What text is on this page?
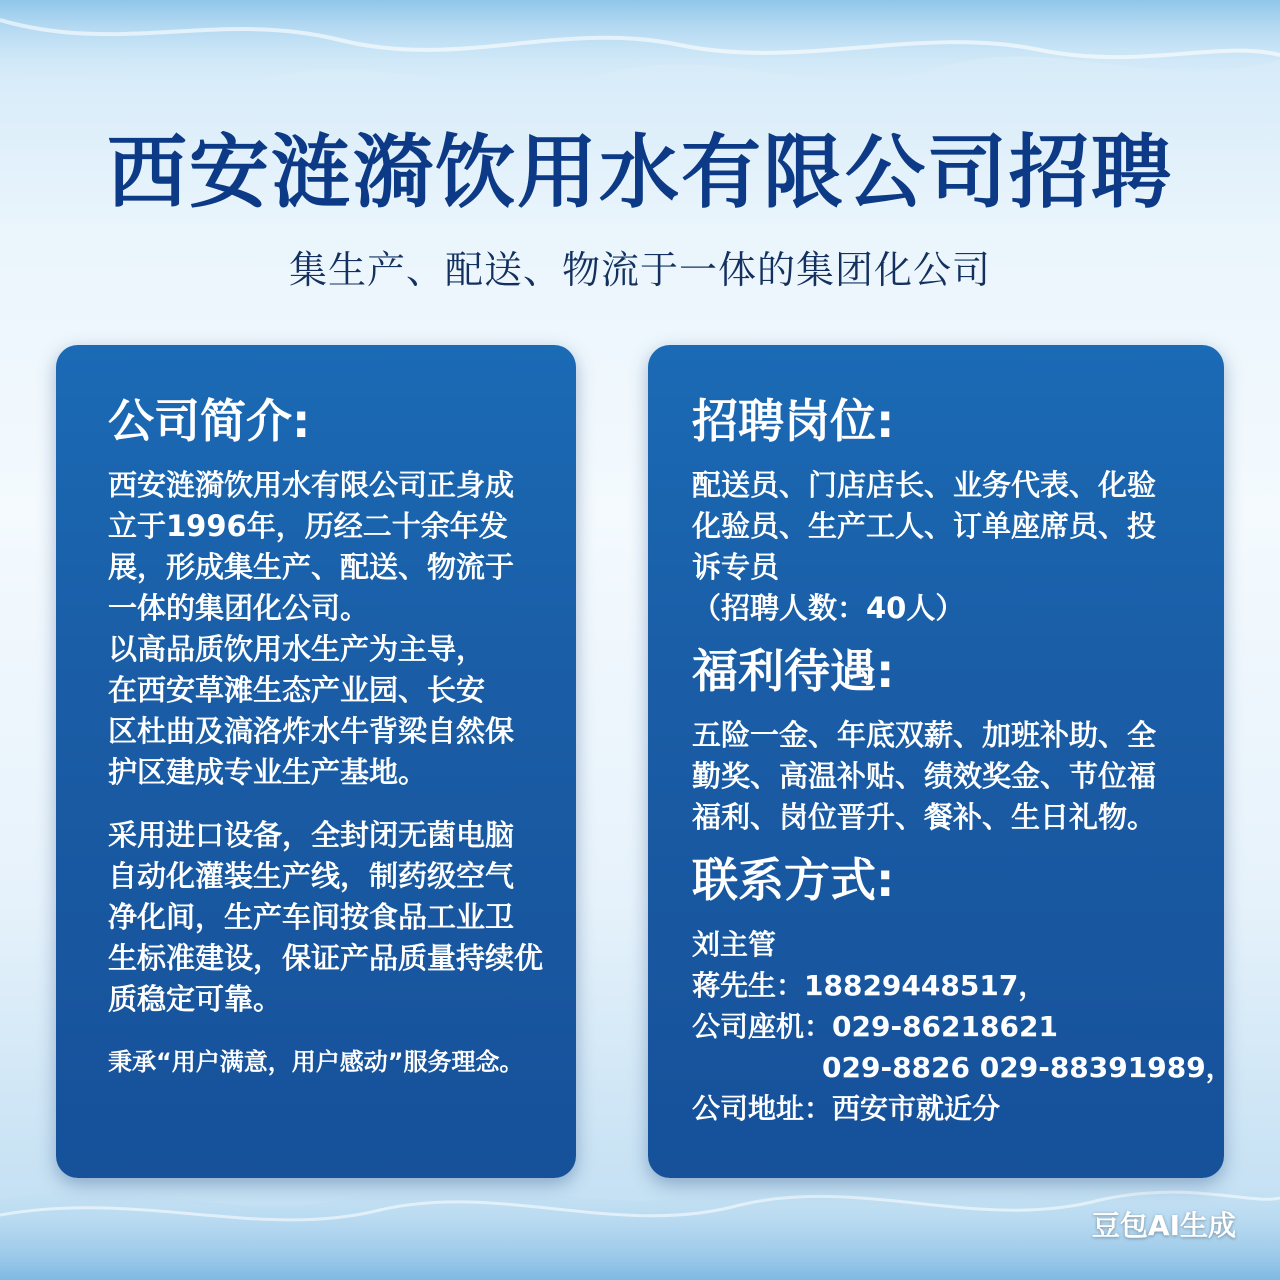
西安涟漪饮用水有限公司招聘
集生产、配送、物流于一体的集团化公司
公司简介:

西安涟漪饮用水有限公司正身成

立于1996年，历经二十余年发

展，形成集生产、配送、物流于

一体的集团化公司。

以高品质饮用水生产为主导，

在西安草滩生态产业园、长安

区杜曲及滈洛炸水牛背梁自然保

护区建成专业生产基地。

采用进口设备，全封闭无菌电脑

自动化灌装生产线，制药级空气

净化间，生产车间按食品工业卫

生标准建设，保证产品质量持续优

质稳定可靠。

秉承“用户满意，用户感动”服务理念。

招聘岗位:

配送员、门店店长、业务代表、化验

化验员、生产工人、订单座席员、投

诉专员

（招聘人数：40人）

福利待遇:

五险一金、年底双薪、加班补助、全

勤奖、高温补贴、绩效奖金、节位福

福利、岗位晋升、餐补、生日礼物。

联系方式:
刘主管
蒋先生：18829448517，
公司座机：029-86218621
029-8826 029-88391989，
公司地址：西安市就近分
豆包AI生成
